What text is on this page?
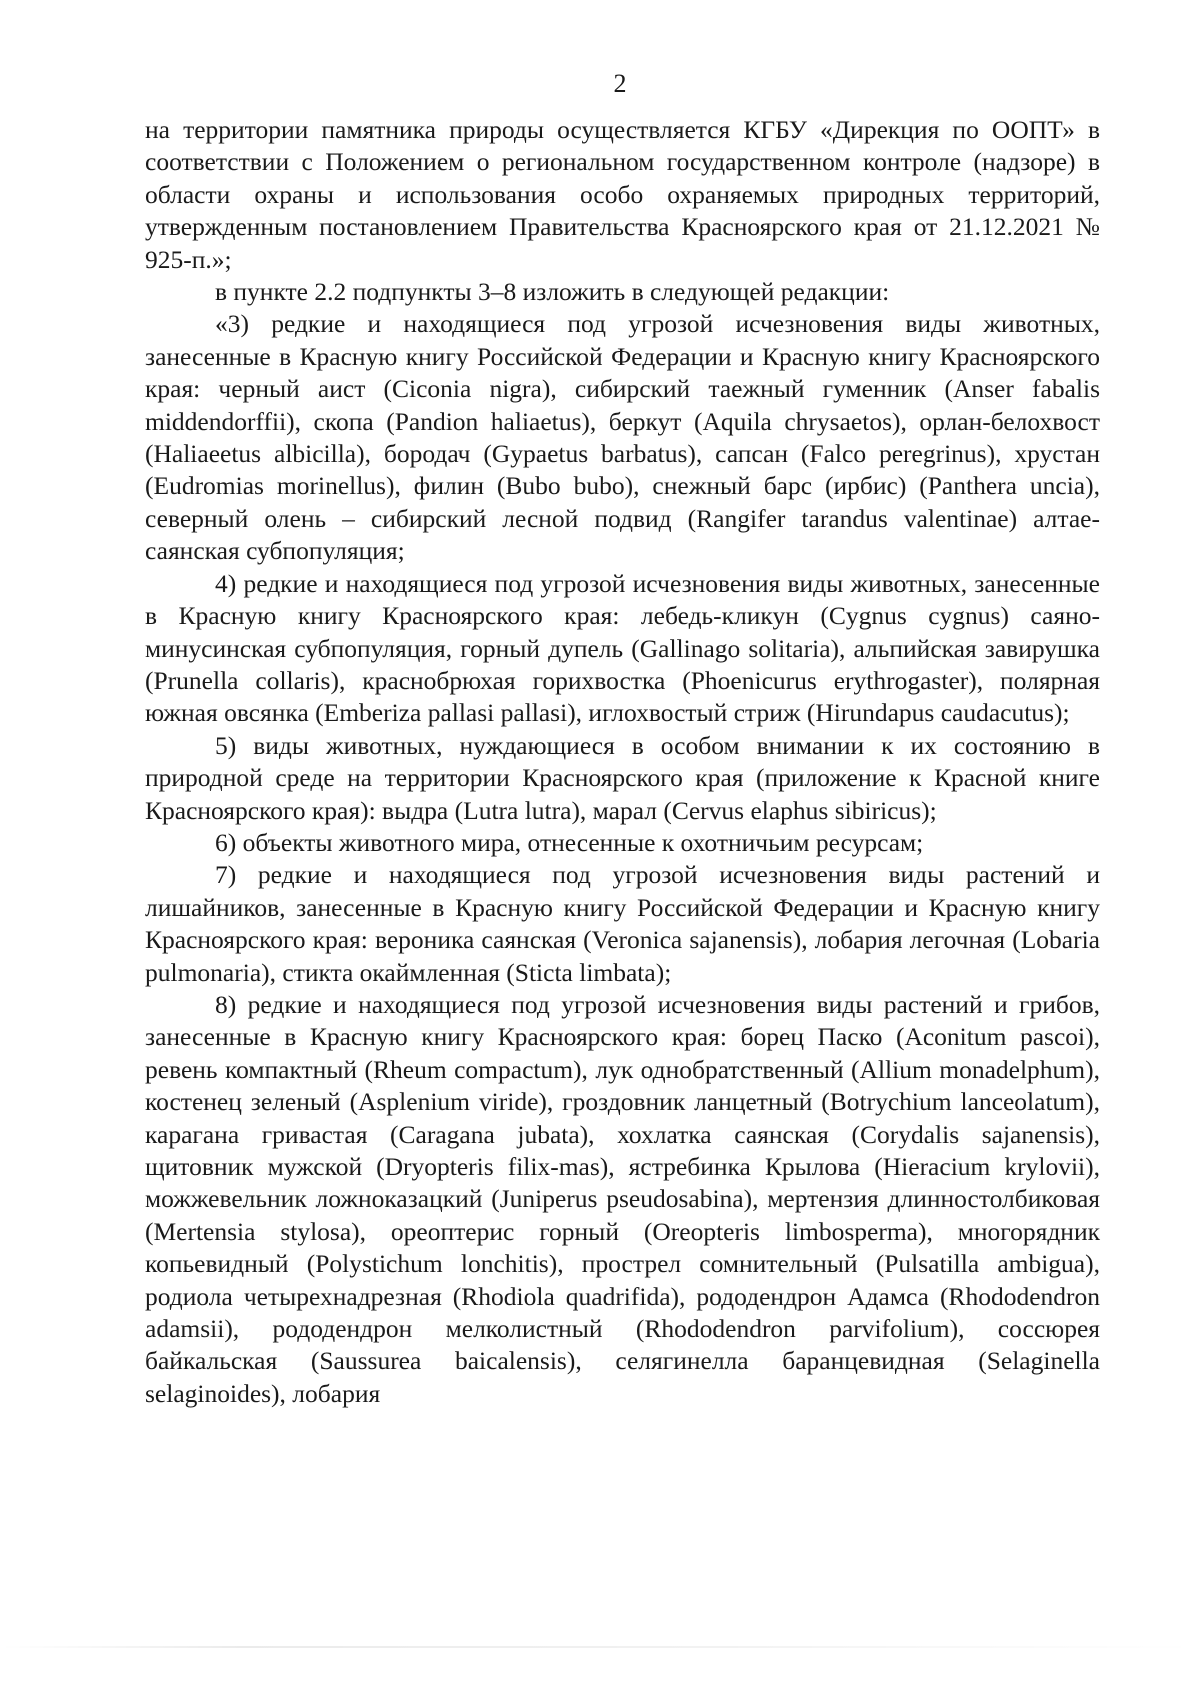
2

на территории памятника природы осуществляется КГБУ «Дирекция по ООПТ» в соответствии с Положением о региональном государственном контроле (надзоре) в области охраны и использования особо охраняемых природных территорий, утвержденным постановлением Правительства Красноярского края от 21.12.2021 № 925-п.»;

в пункте 2.2 подпункты 3–8 изложить в следующей редакции:

«3) редкие и находящиеся под угрозой исчезновения виды животных, занесенные в Красную книгу Российской Федерации и Красную книгу Красноярского края: черный аист (Ciconia nigra), сибирский таежный гуменник (Anser fabalis middendorffii), скопа (Pandion haliaetus), беркут (Aquila chrysaetos), орлан-белохвост (Haliaeetus albicilla), бородач (Gypaetus barbatus), сапсан (Falco peregrinus), хрустан (Eudromias morinellus), филин (Bubo bubo), снежный барс (ирбис) (Panthera uncia), северный олень – сибирский лесной подвид (Rangifer tarandus valentinae) алтае-саянская субпопуляция;

4) редкие и находящиеся под угрозой исчезновения виды животных, занесенные в Красную книгу Красноярского края: лебедь-кликун (Cygnus cygnus) саяно-минусинская субпопуляция, горный дупель (Gallinago solitaria), альпийская завирушка (Prunella collaris), краснобрюхая горихвостка (Phoenicurus erythrogaster), полярная южная овсянка (Emberiza pallasi pallasi), иглохвостый стриж (Hirundapus caudacutus);

5) виды животных, нуждающиеся в особом внимании к их состоянию в природной среде на территории Красноярского края (приложение к Красной книге Красноярского края): выдра (Lutra lutra), марал (Cervus elaphus sibiricus);

6) объекты животного мира, отнесенные к охотничьим ресурсам;

7) редкие и находящиеся под угрозой исчезновения виды растений и лишайников, занесенные в Красную книгу Российской Федерации и Красную книгу Красноярского края: вероника саянская (Veronica sajanensis), лобария легочная (Lobaria pulmonaria), стикта окаймленная (Sticta limbata);

8) редкие и находящиеся под угрозой исчезновения виды растений и грибов, занесенные в Красную книгу Красноярского края: борец Паско (Aconitum pascoi), ревень компактный (Rheum compactum), лук однобратственный (Allium monadelphum), костенец зеленый (Asplenium viride), гроздовник ланцетный (Botrychium lanceolatum), карагана гривастая (Caragana jubata), хохлатка саянская (Corydalis sajanensis), щитовник мужской (Dryopteris filix-mas), ястребинка Крылова (Hieracium krylovii), можжевельник ложноказацкий (Juniperus pseudosabina), мертензия длинностолбиковая (Mertensia stylosa), ореоптерис горный (Oreopteris limbosperma), многорядник копьевидный (Polystichum lonchitis), прострел сомнительный (Pulsatilla ambigua), родиола четырехнадрезная (Rhodiola quadrifida), рододендрон Адамса (Rhododendron adamsii), рододендрон мелколистный (Rhododendron parvifolium), соссюрея байкальская (Saussurea baicalensis), селягинелла баранцевидная (Selaginella selaginoides), лобария
